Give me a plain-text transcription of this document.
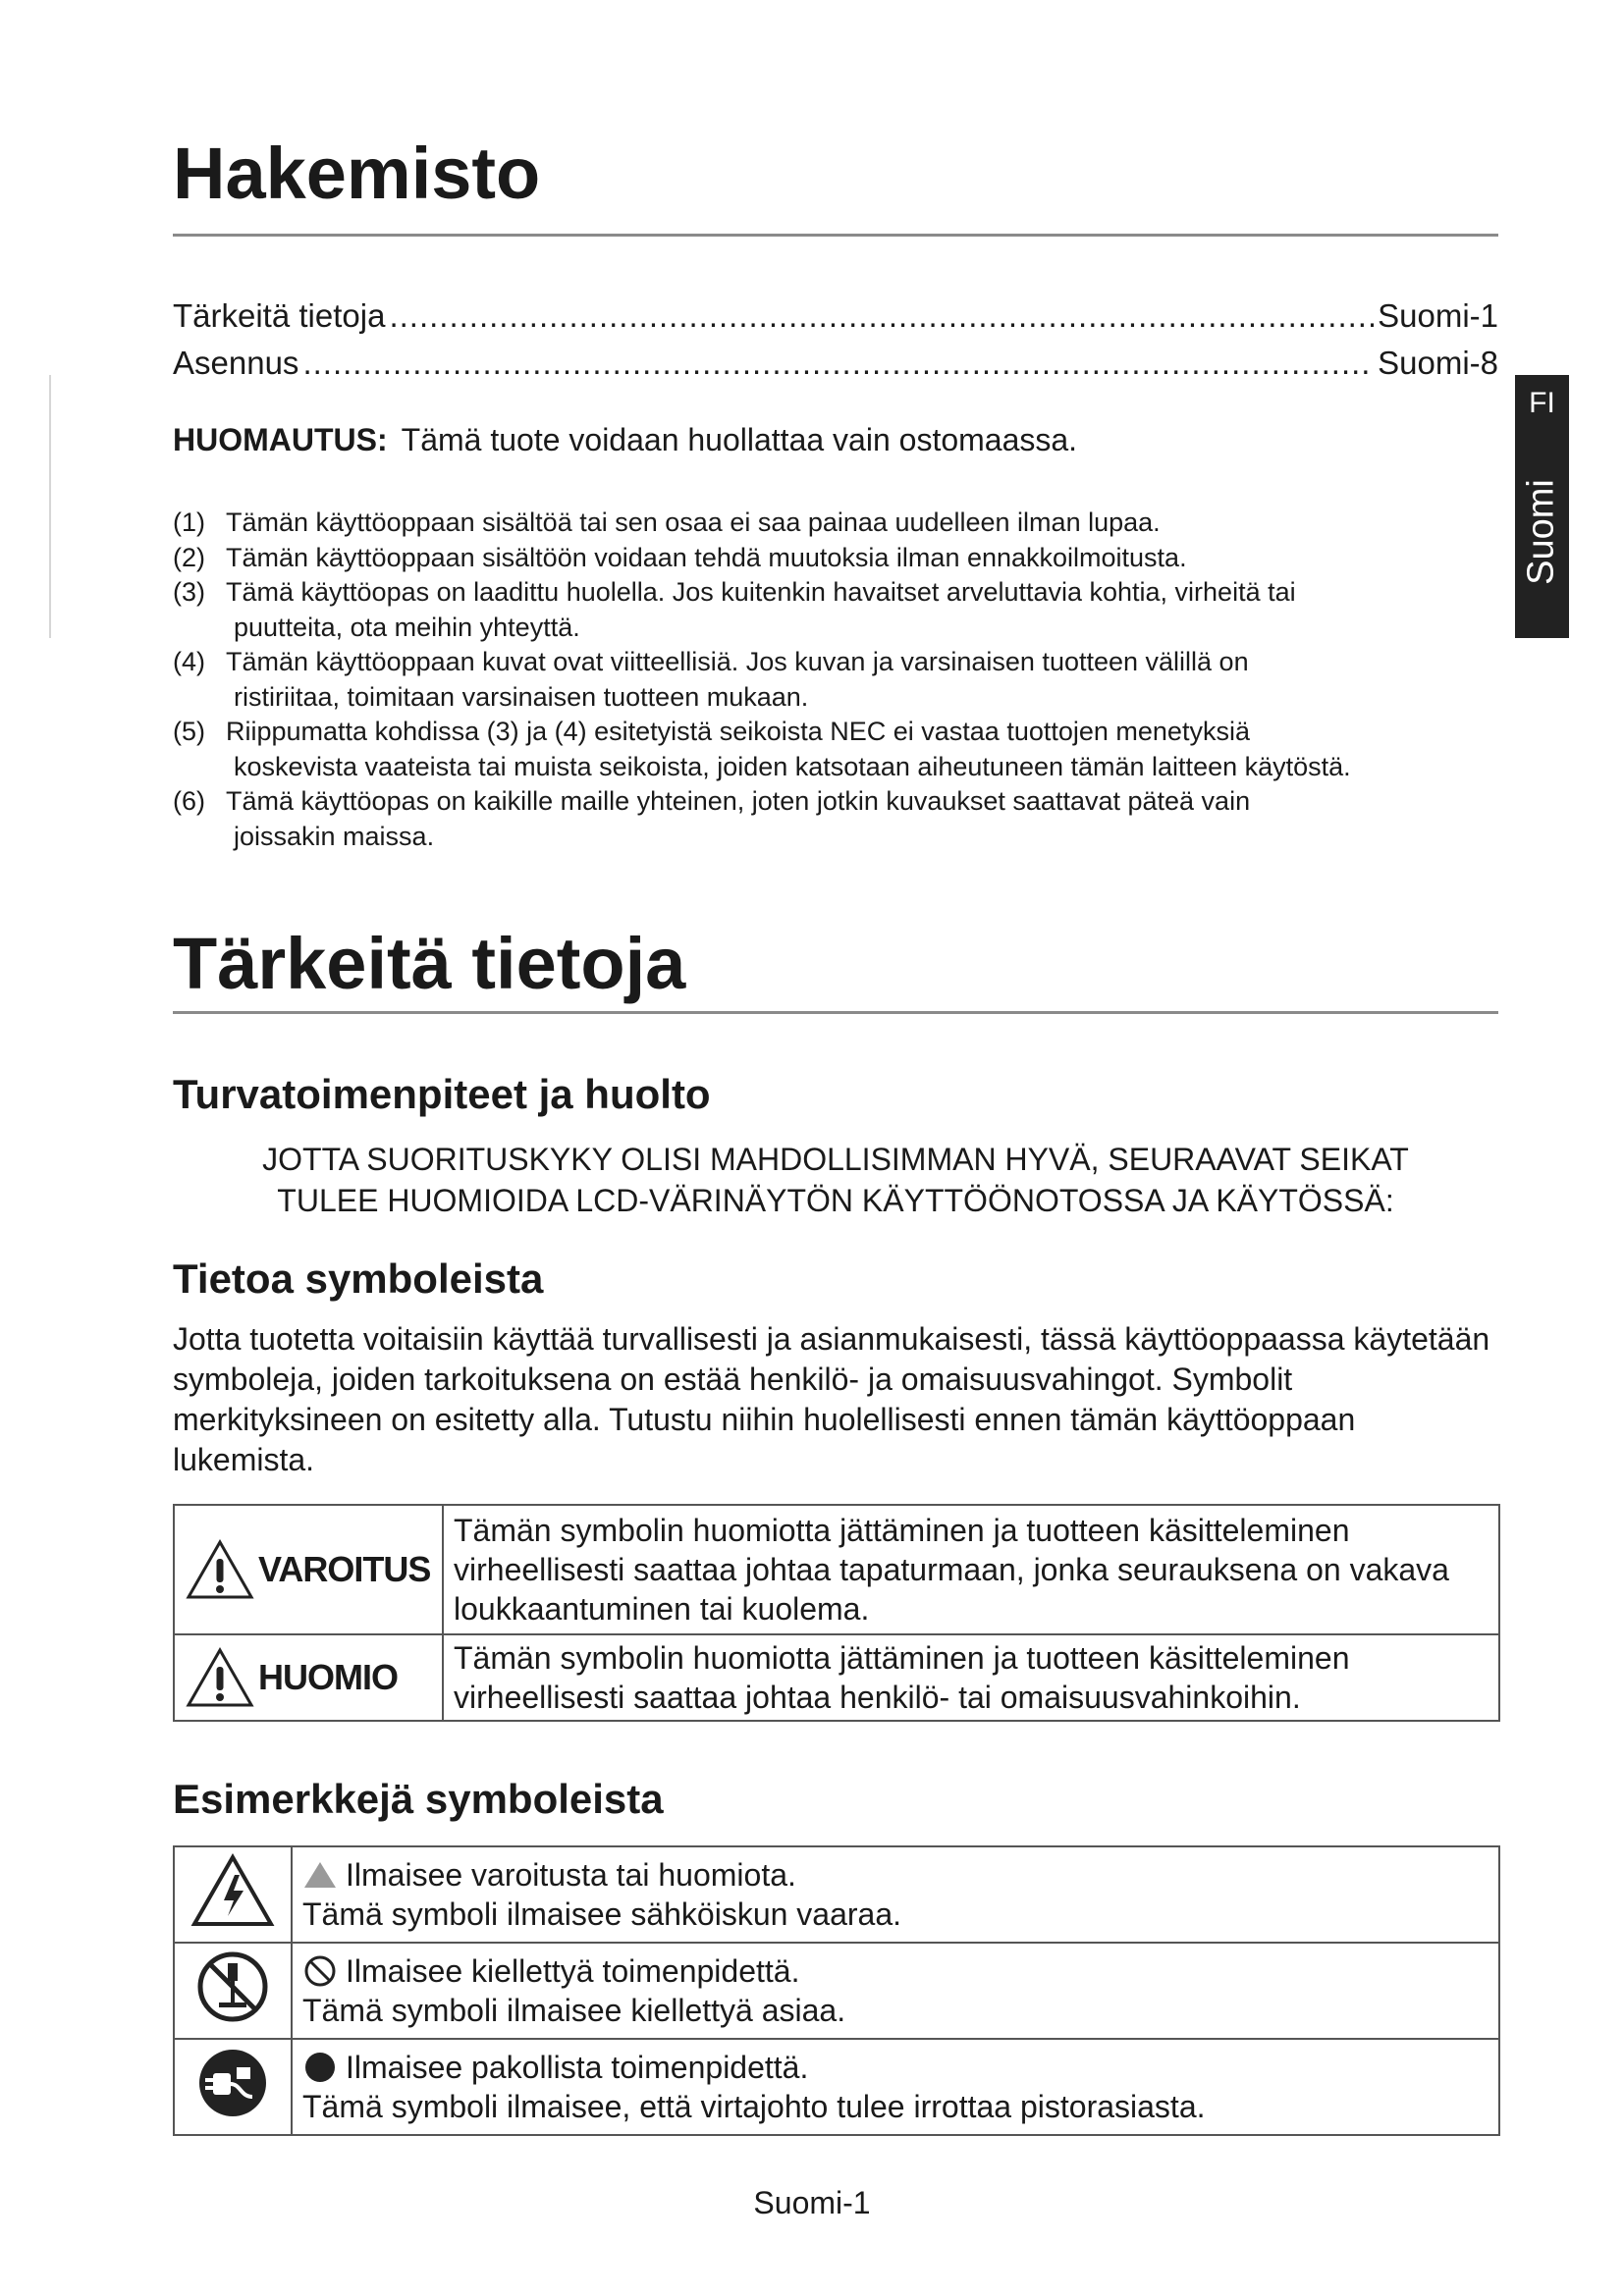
FI
Suomi
Hakemisto
Tärkeitä tietoja .....	Suomi-1
Asennus .....	Suomi-8
HUOMAUTUS: Tämä tuote voidaan huollattaa vain ostomaassa.
(1) Tämän käyttöoppaan sisältöä tai sen osaa ei saa painaa uudelleen ilman lupaa.
(2) Tämän käyttöoppaan sisältöön voidaan tehdä muutoksia ilman ennakkoilmoitusta.
(3) Tämä käyttöopas on laadittu huolella. Jos kuitenkin havaitset arveluttavia kohtia, virheitä tai
puutteita, ota meihin yhteyttä.
(4) Tämän käyttöoppaan kuvat ovat viitteellisiä. Jos kuvan ja varsinaisen tuotteen välillä on
ristiriitaa, toimitaan varsinaisen tuotteen mukaan.
(5) Riippumatta kohdissa (3) ja (4) esitetyistä seikoista NEC ei vastaa tuottojen menetyksiä
koskevista vaateista tai muista seikoista, joiden katsotaan aiheutuneen tämän laitteen käytöstä.
(6) Tämä käyttöopas on kaikille maille yhteinen, joten jotkin kuvaukset saattavat päteä vain
joissakin maissa.
Tärkeitä tietoja
Turvatoimenpiteet ja huolto
JOTTA SUORITUSKYKY OLISI MAHDOLLISIMMAN HYVÄ, SEURAAVAT SEIKAT
TULEE HUOMIOIDA LCD-VÄRINÄYTÖN KÄYTTÖÖNOTOSSA JA KÄYTÖSSÄ:
Tietoa symboleista
Jotta tuotetta voitaisiin käyttää turvallisesti ja asianmukaisesti, tässä käyttöoppaassa käytetään symboleja, joiden tarkoituksena on estää henkilö- ja omaisuusvahingot. Symbolit merkityksineen on esitetty alla. Tutustu niihin huolellisesti ennen tämän käyttöoppaan lukemista.
VAROITUS	Tämän symbolin huomiotta jättäminen ja tuotteen käsitteleminen virheellisesti saattaa johtaa tapaturmaan, jonka seurauksena on vakava loukkaantuminen tai kuolema.

HUOMIO	Tämän symbolin huomiotta jättäminen ja tuotteen käsitteleminen virheellisesti saattaa johtaa henkilö- tai omaisuusvahinkoihin.
Esimerkkejä symboleista

Ilmaisee varoitusta tai huomiota.
Tämä symboli ilmaisee sähköiskun vaaraa.

Ilmaisee kiellettyä toimenpidettä.
Tämä symboli ilmaisee kiellettyä asiaa.

Ilmaisee pakollista toimenpidettä.
Tämä symboli ilmaisee, että virtajohto tulee irrottaa pistorasiasta.
Suomi-1
